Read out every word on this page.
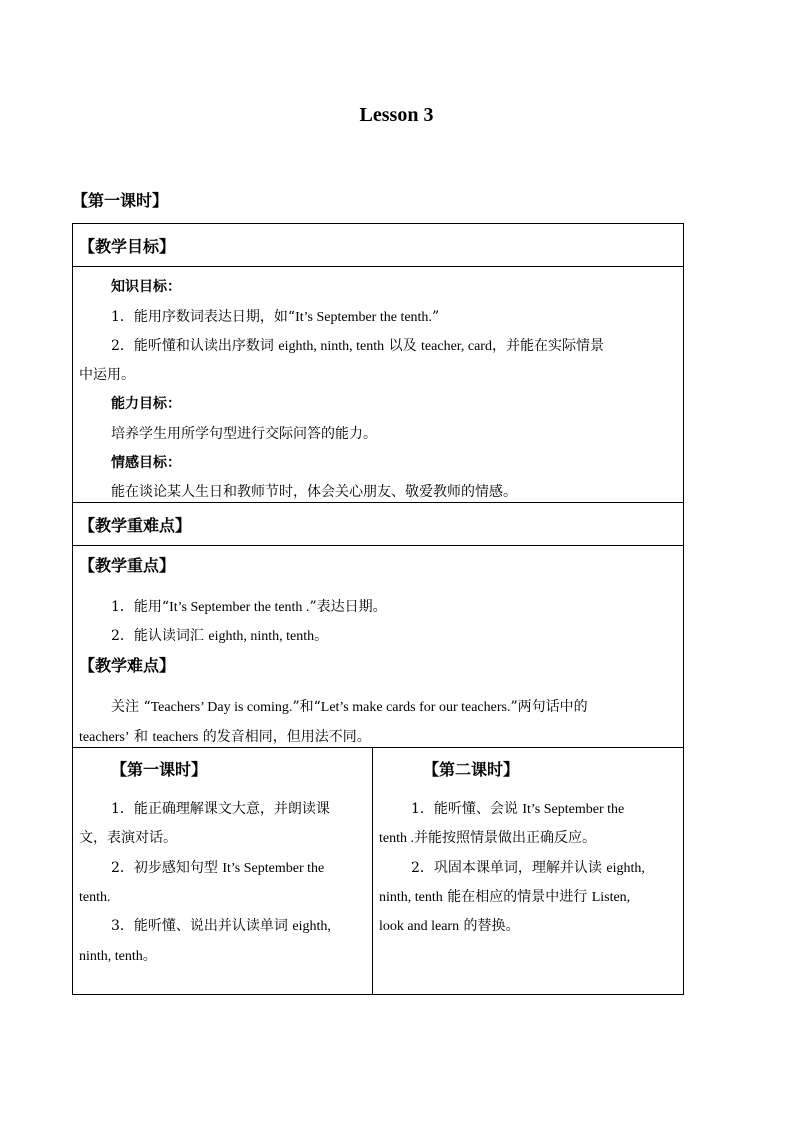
Lesson 3
【第一课时】
【教学目标】
知识目标：
1．能用序数词表达日期，如“It’s September the tenth.”
2．能听懂和认读出序数词 eighth, ninth, tenth 以及 teacher, card，并能在实际情景
中运用。
能力目标：
培养学生用所学句型进行交际问答的能力。
情感目标：
能在谈论某人生日和教师节时，体会关心朋友、敬爱教师的情感。
【教学重难点】
【教学重点】
1．能用“It’s September the tenth .”表达日期。
2．能认读词汇 eighth, ninth, tenth。
【教学难点】
关注 “Teachers’ Day is coming.”和“Let’s make cards for our teachers.”两句话中的
teachers’ 和 teachers 的发音相同，但用法不同。
【第一课时】
1．能正确理解课文大意，并朗读课
文，表演对话。
2．初步感知句型 It’s September the
tenth.
3．能听懂、说出并认读单词 eighth,
ninth, tenth。
【第二课时】
1．能听懂、会说 It’s September the
tenth .并能按照情景做出正确反应。
2．巩固本课单词，理解并认读 eighth,
ninth, tenth 能在相应的情景中进行 Listen,
look and learn 的替换。
